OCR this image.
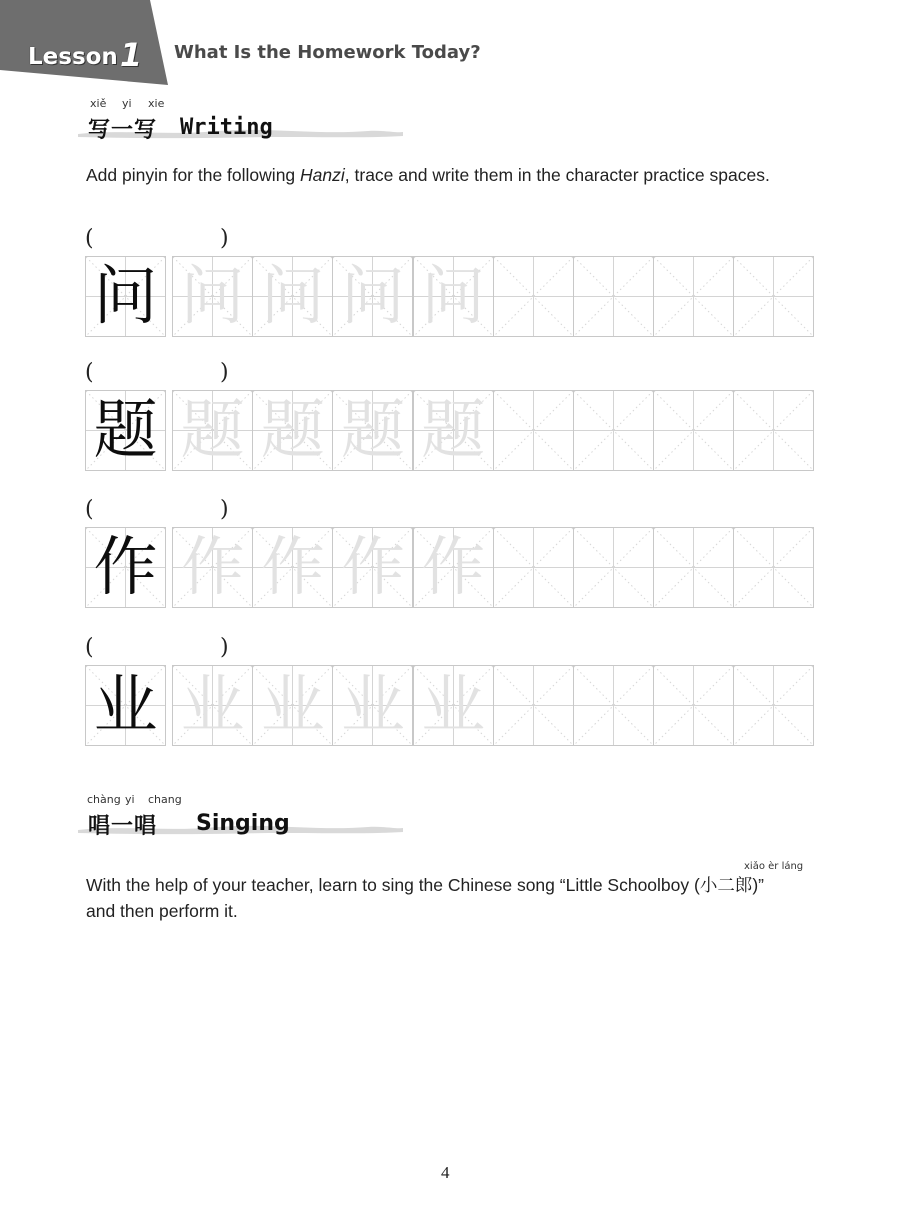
Lesson1 What Is the Homework Today?
xiě yi xie
写一写 Writing
Add pinyin for the following Hanzi, trace and write them in the character practice spaces.
(	)
问 问 问 问 问
(	)
题 题 题 题 题
(	)
作 作 作 作 作
(	)
业 业 业 业 业
chàng yi chang
唱一唱 Singing
xiǎo èr láng
With the help of your teacher, learn to sing the Chinese song “Little Schoolboy (小二郎)”
and then perform it.
4
